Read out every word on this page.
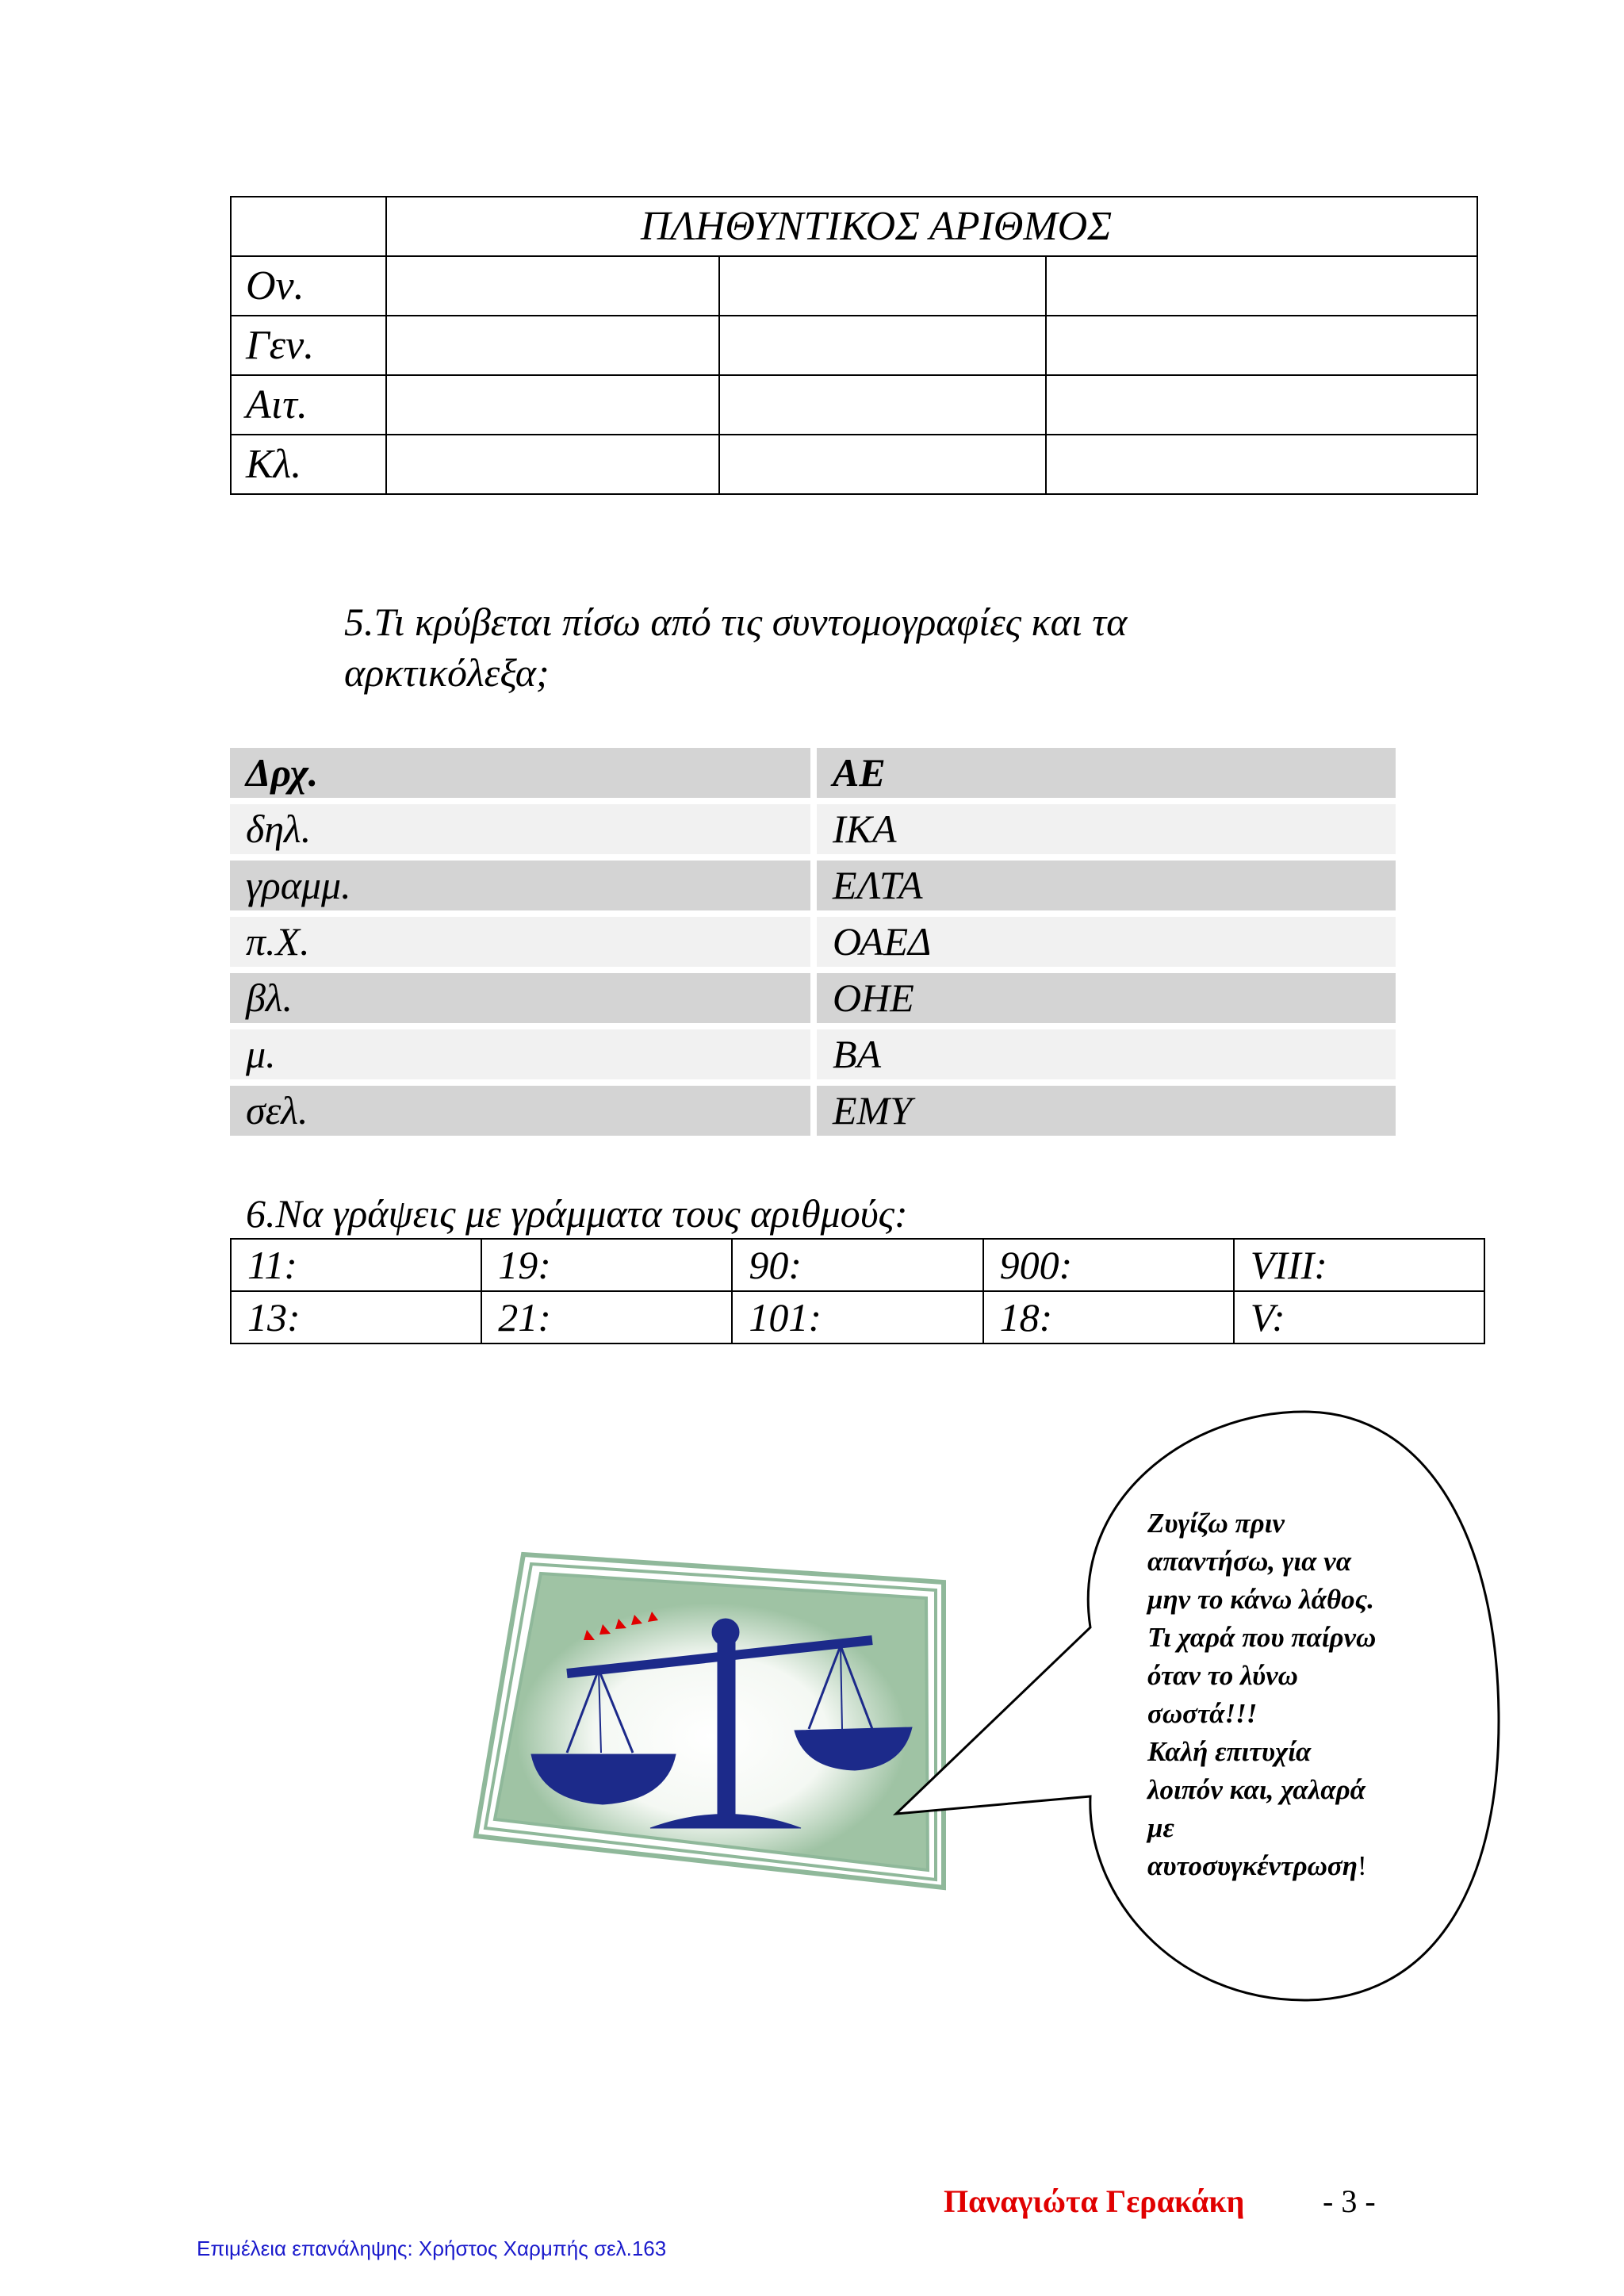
	ΠΛΗΘΥΝΤΙΚΟΣ ΑΡΙΘΜΟΣ		
Ον.			
Γεν.			
Αιτ.			
Κλ.			
5.Τι κρύβεται πίσω από τις συντομογραφίες και τα
αρκτικόλεξα;
Δρχ.	ΑΕ
δηλ.	ΙΚΑ
γραμμ.	ΕΛΤΑ
π.Χ.	ΟΑΕΔ
βλ.	ΟΗΕ
μ.	ΒΑ
σελ.	ΕΜΥ
6.Να γράψεις με γράμματα τους αριθμούς:
11:	19:	90:	900:	VIII:
13:	21:	101:	18:	V:
Ζυγίζω πριν
απαντήσω, για να
μην το κάνω λάθος.
Τι χαρά που παίρνω
όταν το λύνω
σωστά!!!
Καλή επιτυχία
λοιπόν και, χαλαρά
με
αυτοσυγκέντρωση!
Παναγιώτα Γερακάκη - 3 -
Επιμέλεια επανάληψης: Χρήστος Χαρμπής σελ.163
